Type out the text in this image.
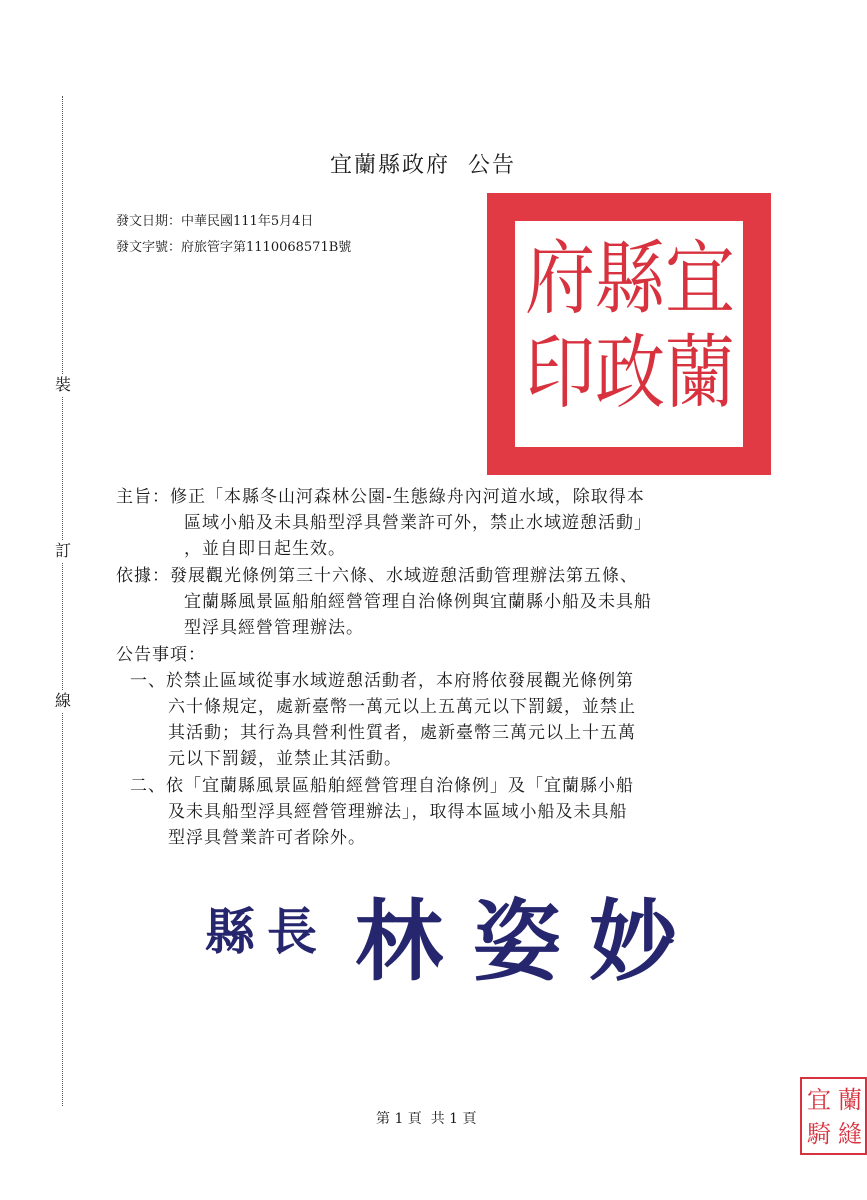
裝
訂
線
宜蘭縣政府  公告
發文日期：中華民國111年5月4日
發文字號：府旅管字第1110068571B號	宜
蘭
縣
政
府
印
主旨：修正「本縣冬山河森林公園-生態綠舟內河道水域，除取得本
區域小船及未具船型浮具營業許可外，禁止水域遊憩活動」
，並自即日起生效。
依據：發展觀光條例第三十六條、水域遊憩活動管理辦法第五條、
宜蘭縣風景區船舶經營管理自治條例與宜蘭縣小船及未具船
型浮具經營管理辦法。
公告事項：
一、於禁止區域從事水域遊憩活動者，本府將依發展觀光條例第
六十條規定，處新臺幣一萬元以上五萬元以下罰鍰，並禁止
其活動；其行為具營利性質者，處新臺幣三萬元以上十五萬
元以下罰鍰，並禁止其活動。
二、依「宜蘭縣風景區船舶經營管理自治條例」及「宜蘭縣小船
及未具船型浮具經營管理辦法」，取得本區域小船及未具船
型浮具營業許可者除外。
縣 長 林 姿 妙
第 1 頁  共 1 頁
宜 蘭
騎 縫
